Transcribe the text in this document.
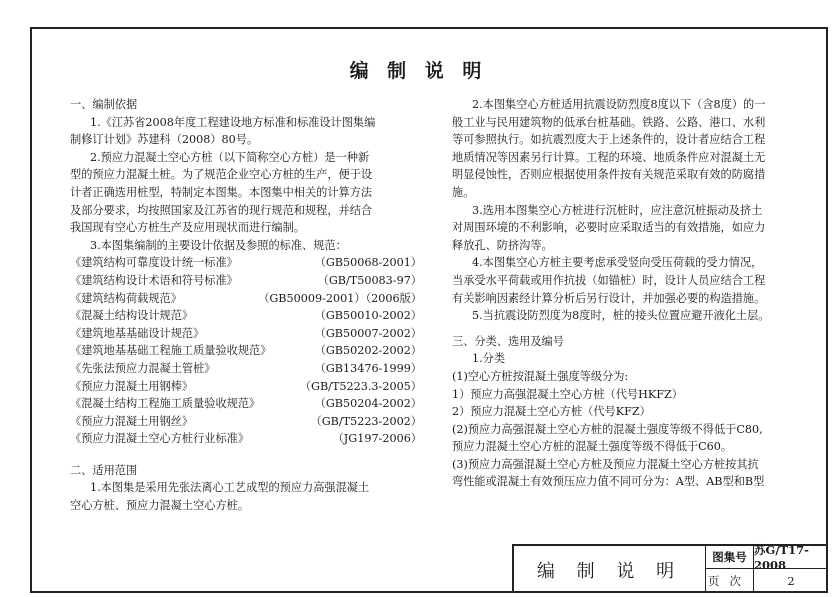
编 制 说 明
一、编制依据
1.《江苏省2008年度工程建设地方标准和标准设计图集编
制修订计划》苏建科（2008）80号。
2.预应力混凝土空心方桩（以下简称空心方桩）是一种新
型的预应力混凝土桩。为了规范企业空心方桩的生产，便于设
计者正确选用桩型，特制定本图集。本图集中相关的计算方法
及部分要求，均按照国家及江苏省的现行规范和规程，并结合
我国现有空心方桩生产及应用现状而进行编制。
3.本图集编制的主要设计依据及参照的标准、规范：
《建筑结构可靠度设计统一标准》	（GB50068-2001）
《建筑结构设计术语和符号标准》	（GB/T50083-97）
《建筑结构荷载规范》	（GB50009-2001）（2006版）
《混凝土结构设计规范》	（GB50010-2002）
《建筑地基基础设计规范》	（GB50007-2002）
《建筑地基基础工程施工质量验收规范》	（GB50202-2002）
《先张法预应力混凝土管桩》	（GB13476-1999）
《预应力混凝土用钢棒》	（GB/T5223.3-2005）
《混凝土结构工程施工质量验收规范》	（GB50204-2002）
《预应力混凝土用钢丝》	（GB/T5223-2002）
《预应力混凝土空心方桩行业标准》	（JG197-2006）
二、适用范围
1.本图集是采用先张法离心工艺成型的预应力高强混凝土
空心方桩、预应力混凝土空心方桩。
2.本图集空心方桩适用抗震设防烈度8度以下（含8度）的一
般工业与民用建筑物的低承台桩基础。铁路、公路、港口、水利
等可参照执行。如抗震烈度大于上述条件的，设计者应结合工程
地质情况等因素另行计算。工程的环境、地质条件应对混凝土无
明显侵蚀性，否则应根据使用条件按有关规范采取有效的防腐措
施。
3.选用本图集空心方桩进行沉桩时，应注意沉桩振动及挤土
对周围环境的不利影响，必要时应采取适当的有效措施，如应力
释放孔、防挤沟等。
4.本图集空心方桩主要考虑承受竖向受压荷载的受力情况，
当承受水平荷载或用作抗拔（如锚桩）时，设计人员应结合工程
有关影响因素经计算分析后另行设计，并加强必要的构造措施。
5.当抗震设防烈度为8度时，桩的接头位置应避开液化土层。
三、分类、选用及编号
1.分类
(1)空心方桩按混凝土强度等级分为:
1）预应力高强混凝土空心方桩（代号HKFZ）
2）预应力混凝土空心方桩（代号KFZ）
(2)预应力高强混凝土空心方桩的混凝土强度等级不得低于C80,
预应力混凝土空心方桩的混凝土强度等级不得低于C60。
(3)预应力高强混凝土空心方桩及预应力混凝土空心方桩按其抗
弯性能或混凝土有效预压应力值不同可分为：A型、AB型和B型
编 制 说 明
图集号 苏G/T17-2008
页次	2
